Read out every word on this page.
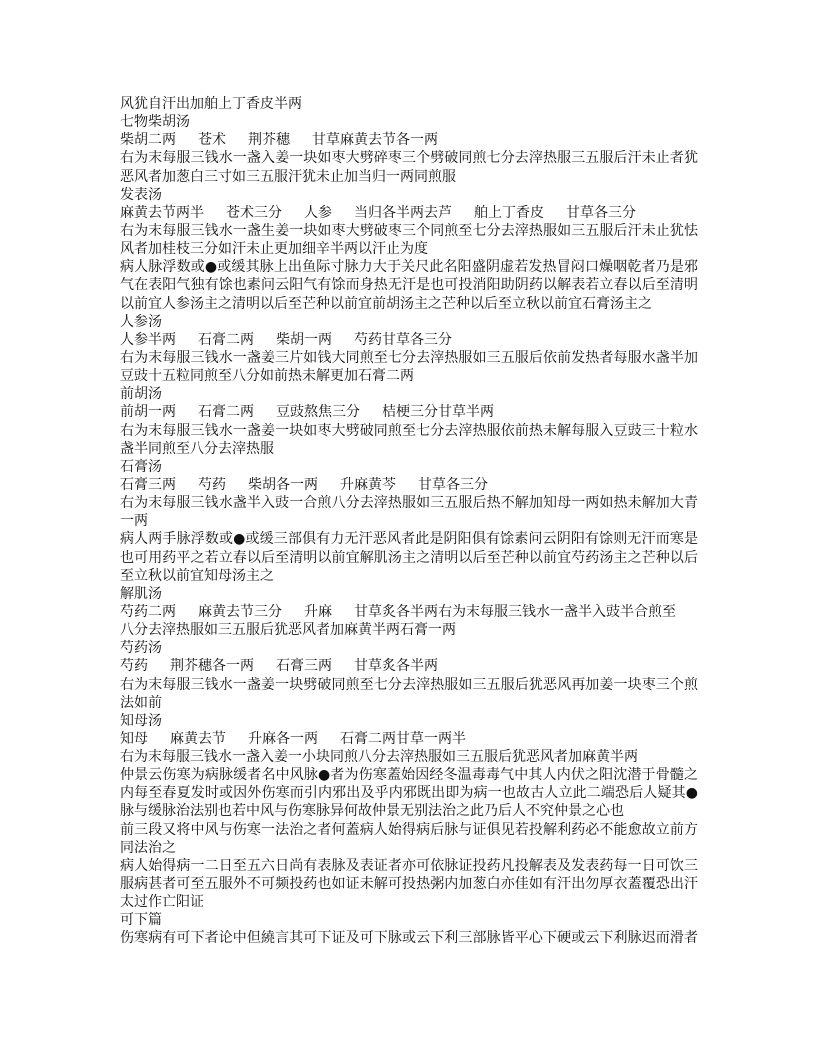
风犹自汗出加舶上丁香皮半两
七物柴胡汤
柴胡二两 苍术 荆芥穗 甘草麻黄去节各一两
右为末每服三钱水一盏入姜一块如枣大劈碎枣三个劈破同煎七分去滓热服三五服后汗未止者犹
恶风者加葱白三寸如三五服汗犹未止加当归一两同煎服
发表汤
麻黄去节两半 苍术三分 人参 当归各半两去芦 舶上丁香皮 甘草各三分
右为末每服三钱水一盏生姜一块如枣大劈破枣三个同煎至七分去滓热服如三五服后汗未止犹怯
风者加桂枝三分如汗未止更加细辛半两以汗止为度
病人脉浮数或●或缓其脉上出鱼际寸脉力大于关尺此名阳盛阴虚若发热冒闷口燥咽乾者乃是邪
气在表阳气独有馀也素问云阳气有馀而身热无汗是也可投消阳助阴药以解表若立春以后至清明
以前宜人参汤主之清明以后至芒种以前宜前胡汤主之芒种以后至立秋以前宜石膏汤主之
人参汤
人参半两 石膏二两 柴胡一两 芍药甘草各三分
右为末每服三钱水一盏姜三片如钱大同煎至七分去滓热服如三五服后依前发热者每服水盏半加
豆豉十五粒同煎至八分如前热未解更加石膏二两
前胡汤
前胡一两 石膏二两 豆豉熬焦三分 桔梗三分甘草半两
右为末每服三钱水一盏姜一块如枣大劈破同煎至七分去滓热服依前热未解每服入豆豉三十粒水
盏半同煎至八分去滓热服
石膏汤
石膏三两 芍药 柴胡各一两 升麻黄芩 甘草各三分
右为末每服三钱水盏半入豉一合煎八分去滓热服如三五服后热不解加知母一两如热未解加大青
一两
病人两手脉浮数或●或缓三部俱有力无汗恶风者此是阴阳俱有馀素问云阴阳有馀则无汗而寒是
也可用药平之若立春以后至清明以前宜解肌汤主之清明以后至芒种以前宜芍药汤主之芒种以后
至立秋以前宜知母汤主之
解肌汤
芍药二两 麻黄去节三分 升麻 甘草炙各半两右为末每服三钱水一盏半入豉半合煎至
八分去滓热服如三五服后犹恶风者加麻黄半两石膏一两
芍药汤
芍药 荆芥穗各一两 石膏三两 甘草炙各半两
右为末每服三钱水一盏姜一块劈破同煎至七分去滓热服如三五服后犹恶风再加姜一块枣三个煎
法如前
知母汤
知母 麻黄去节 升麻各一两 石膏二两甘草一两半
右为末每服三钱水一盏入姜一小块同煎八分去滓热服如三五服后犹恶风者加麻黄半两
仲景云伤寒为病脉缓者名中风脉●者为伤寒蓋始因经冬温毒毒气中其人内伏之阳沈潜于骨髓之
内每至春夏发时或因外伤寒而引内邪出及乎内邪既出即为病一也故古人立此二端恐后人疑其●
脉与缓脉治法别也若中风与伤寒脉异何故仲景无别法治之此乃后人不究仲景之心也
前三段又将中风与伤寒一法治之者何蓋病人始得病后脉与证俱见若投解利药必不能愈故立前方
同法治之
病人始得病一二日至五六日尚有表脉及表证者亦可依脉证投药凡投解表及发表药每一日可饮三
服病甚者可至五服外不可频投药也如证未解可投热粥内加葱白亦佳如有汗出勿厚衣蓋覆恐出汗
太过作亡阳证
可下篇
伤寒病有可下者论中但繞言其可下证及可下脉或云下利三部脉皆平心下硬或云下利脉迟而滑者
